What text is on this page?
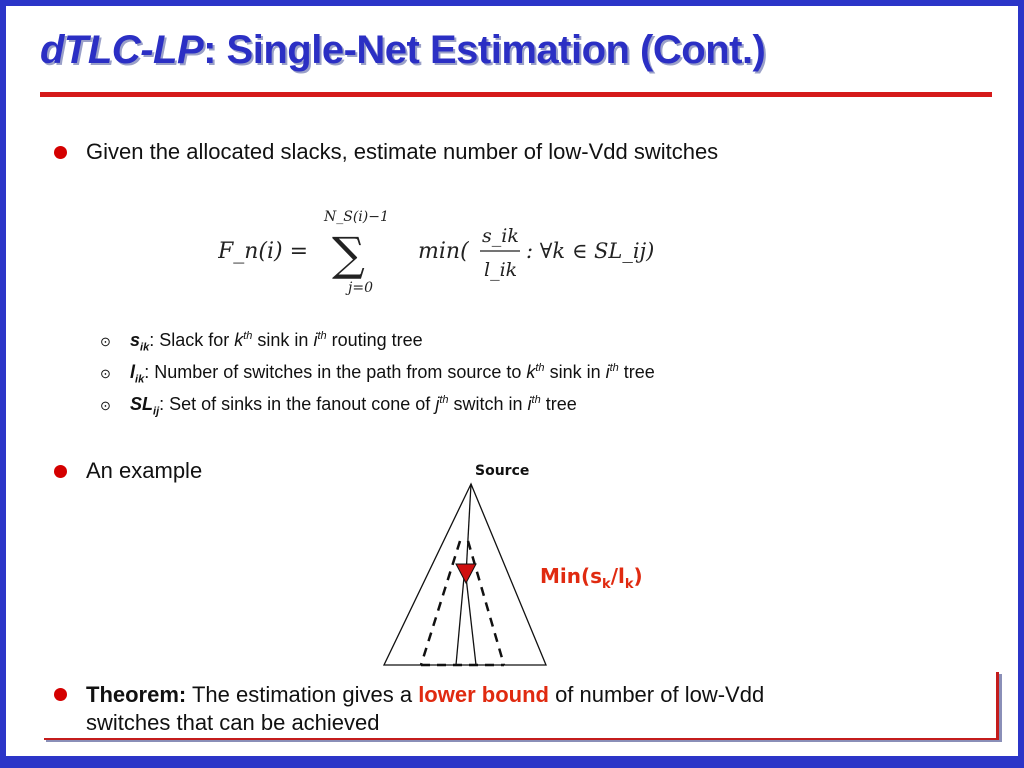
dTLC-LP: Single-Net Estimation (Cont.)
Given the allocated slacks, estimate number of low-Vdd switches
F_n(i) =
N_S(i)−1
∑
j=0
min(
s_ik
l_ik
: ∀k ∈ SL_ij)
⊙ $s_{ik}$: Slack for $k^{th}$ sink in $i^{th}$ routing tree
⊙ $l_{ik}$: Number of switches in the path from source to $k^{th}$ sink in $i^{th}$ tree
⊙ $SL_{ij}$: Set of sinks in the fanout cone of $j^{th}$ switch in $i^{th}$ tree
An example	Source
$Min(s_k/l_k)$
Theorem: The estimation gives a lower bound of number of low-Vdd
switches that can be achieved
